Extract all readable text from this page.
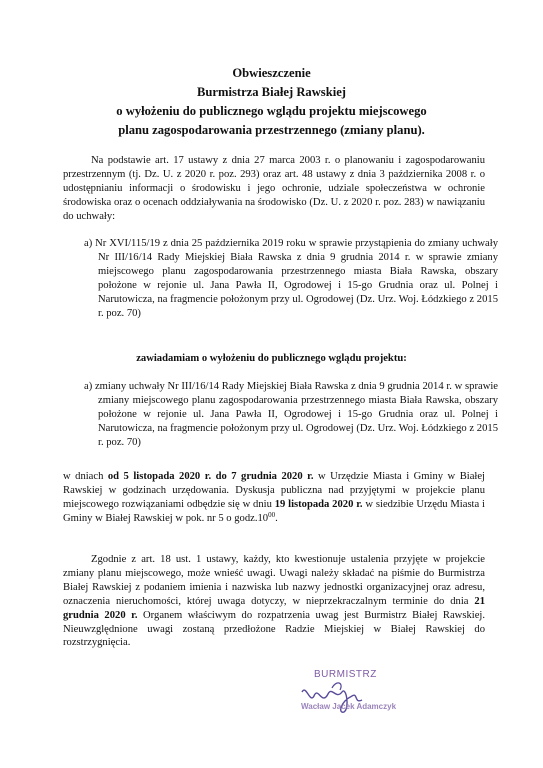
Obwieszczenie
Burmistrza Białej Rawskiej
o wyłożeniu do publicznego wglądu projektu miejscowego
planu zagospodarowania przestrzennego (zmiany planu).
Na podstawie art. 17 ustawy z dnia 27 marca 2003 r. o planowaniu i zagospodarowaniu przestrzennym (tj. Dz. U. z 2020 r. poz. 293) oraz art. 48 ustawy z dnia 3 października 2008 r. o udostępnianiu informacji o środowisku i jego ochronie, udziale społeczeństwa w ochronie środowiska oraz o ocenach oddziaływania na środowisko (Dz. U. z 2020 r. poz. 283) w nawiązaniu do uchwały:
a) Nr XVI/115/19 z dnia 25 października 2019 roku w sprawie przystąpienia do zmiany uchwały Nr III/16/14 Rady Miejskiej Biała Rawska z dnia 9 grudnia 2014 r. w sprawie zmiany miejscowego planu zagospodarowania przestrzennego miasta Biała Rawska, obszary położone w rejonie ul. Jana Pawła II, Ogrodowej i 15-go Grudnia oraz ul. Polnej i Narutowicza, na fragmencie położonym przy ul. Ogrodowej (Dz. Urz. Woj. Łódzkiego z 2015 r. poz. 70)
zawiadamiam o wyłożeniu do publicznego wglądu projektu:
a) zmiany uchwały Nr III/16/14 Rady Miejskiej Biała Rawska z dnia 9 grudnia 2014 r. w sprawie zmiany miejscowego planu zagospodarowania przestrzennego miasta Biała Rawska, obszary położone w rejonie ul. Jana Pawła II, Ogrodowej i 15-go Grudnia oraz ul. Polnej i Narutowicza, na fragmencie położonym przy ul. Ogrodowej (Dz. Urz. Woj. Łódzkiego z 2015 r. poz. 70)
w dniach od 5 listopada 2020 r. do 7 grudnia 2020 r. w Urzędzie Miasta i Gminy w Białej Rawskiej w godzinach urzędowania. Dyskusja publiczna nad przyjętymi w projekcie planu miejscowego rozwiązaniami odbędzie się w dniu 19 listopada 2020 r. w siedzibie Urzędu Miasta i Gminy w Białej Rawskiej w pok. nr 5 o $godz.10^{00}$.
Zgodnie z art. 18 ust. 1 ustawy, każdy, kto kwestionuje ustalenia przyjęte w projekcie zmiany planu miejscowego, może wnieść uwagi. Uwagi należy składać na piśmie do Burmistrza Białej Rawskiej z podaniem imienia i nazwiska lub nazwy jednostki organizacyjnej oraz adresu, oznaczenia nieruchomości, której uwaga dotyczy, w nieprzekraczalnym terminie do dnia 21 grudnia 2020 r. Organem właściwym do rozpatrzenia uwag jest Burmistrz Białej Rawskiej. Nieuwzględnione uwagi zostaną przedłożone Radzie Miejskiej w Białej Rawskiej do rozstrzygnięcia.
BURMISTRZ
Wacław Jacek Adamczyk
